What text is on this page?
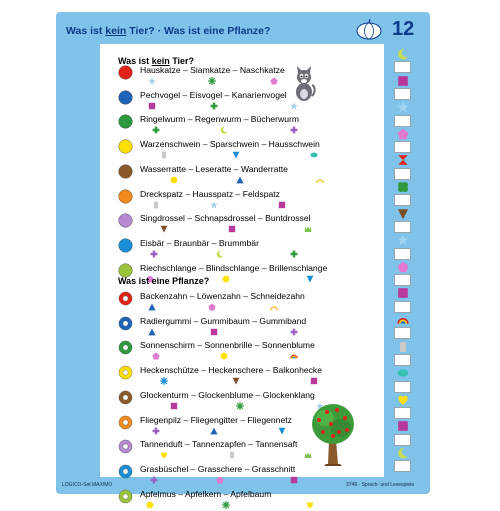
Was ist kein Tier? · Was ist eine Pflanze?	12
Was ist kein Tier?
Hauskatze – Siamkatze – Naschkatze
Pechvogel – Eisvogel – Kanarienvogel
Ringelwurm – Regenwurm – Bücherwurm
Warzenschwein – Sparschwein – Hausschwein
Wasserratte – Leseratte – Wanderratte
Dreckspatz – Hausspatz – Feldspatz
Singdrossel – Schnapsdrossel – Buntdrossel
Eisbär – Braunbär – Brummbär
Riechschlange – Blindschlange – Brillenschlange
Was ist eine Pflanze?
Backenzahn – Löwenzahn – Schneidezahn
Radiergummi – Gummibaum – Gummiband
Sonnenschirm – Sonnenbrille – Sonnenblume
Heckenschütze – Heckenschere – Balkonhecke
Glockenturm – Glockenblume – Glockenklang
Fliegenpilz – Fliegengitter – Fliegennetz
Tannenduft – Tannenzapfen – Tannensaft
Grasbüschel – Grasschere – Grasschnitt
Apfelmus – Apfelkern – Apfelbaum
LOGICO-Set MAXIMO	3749 · Sprach- und Lesespiele
